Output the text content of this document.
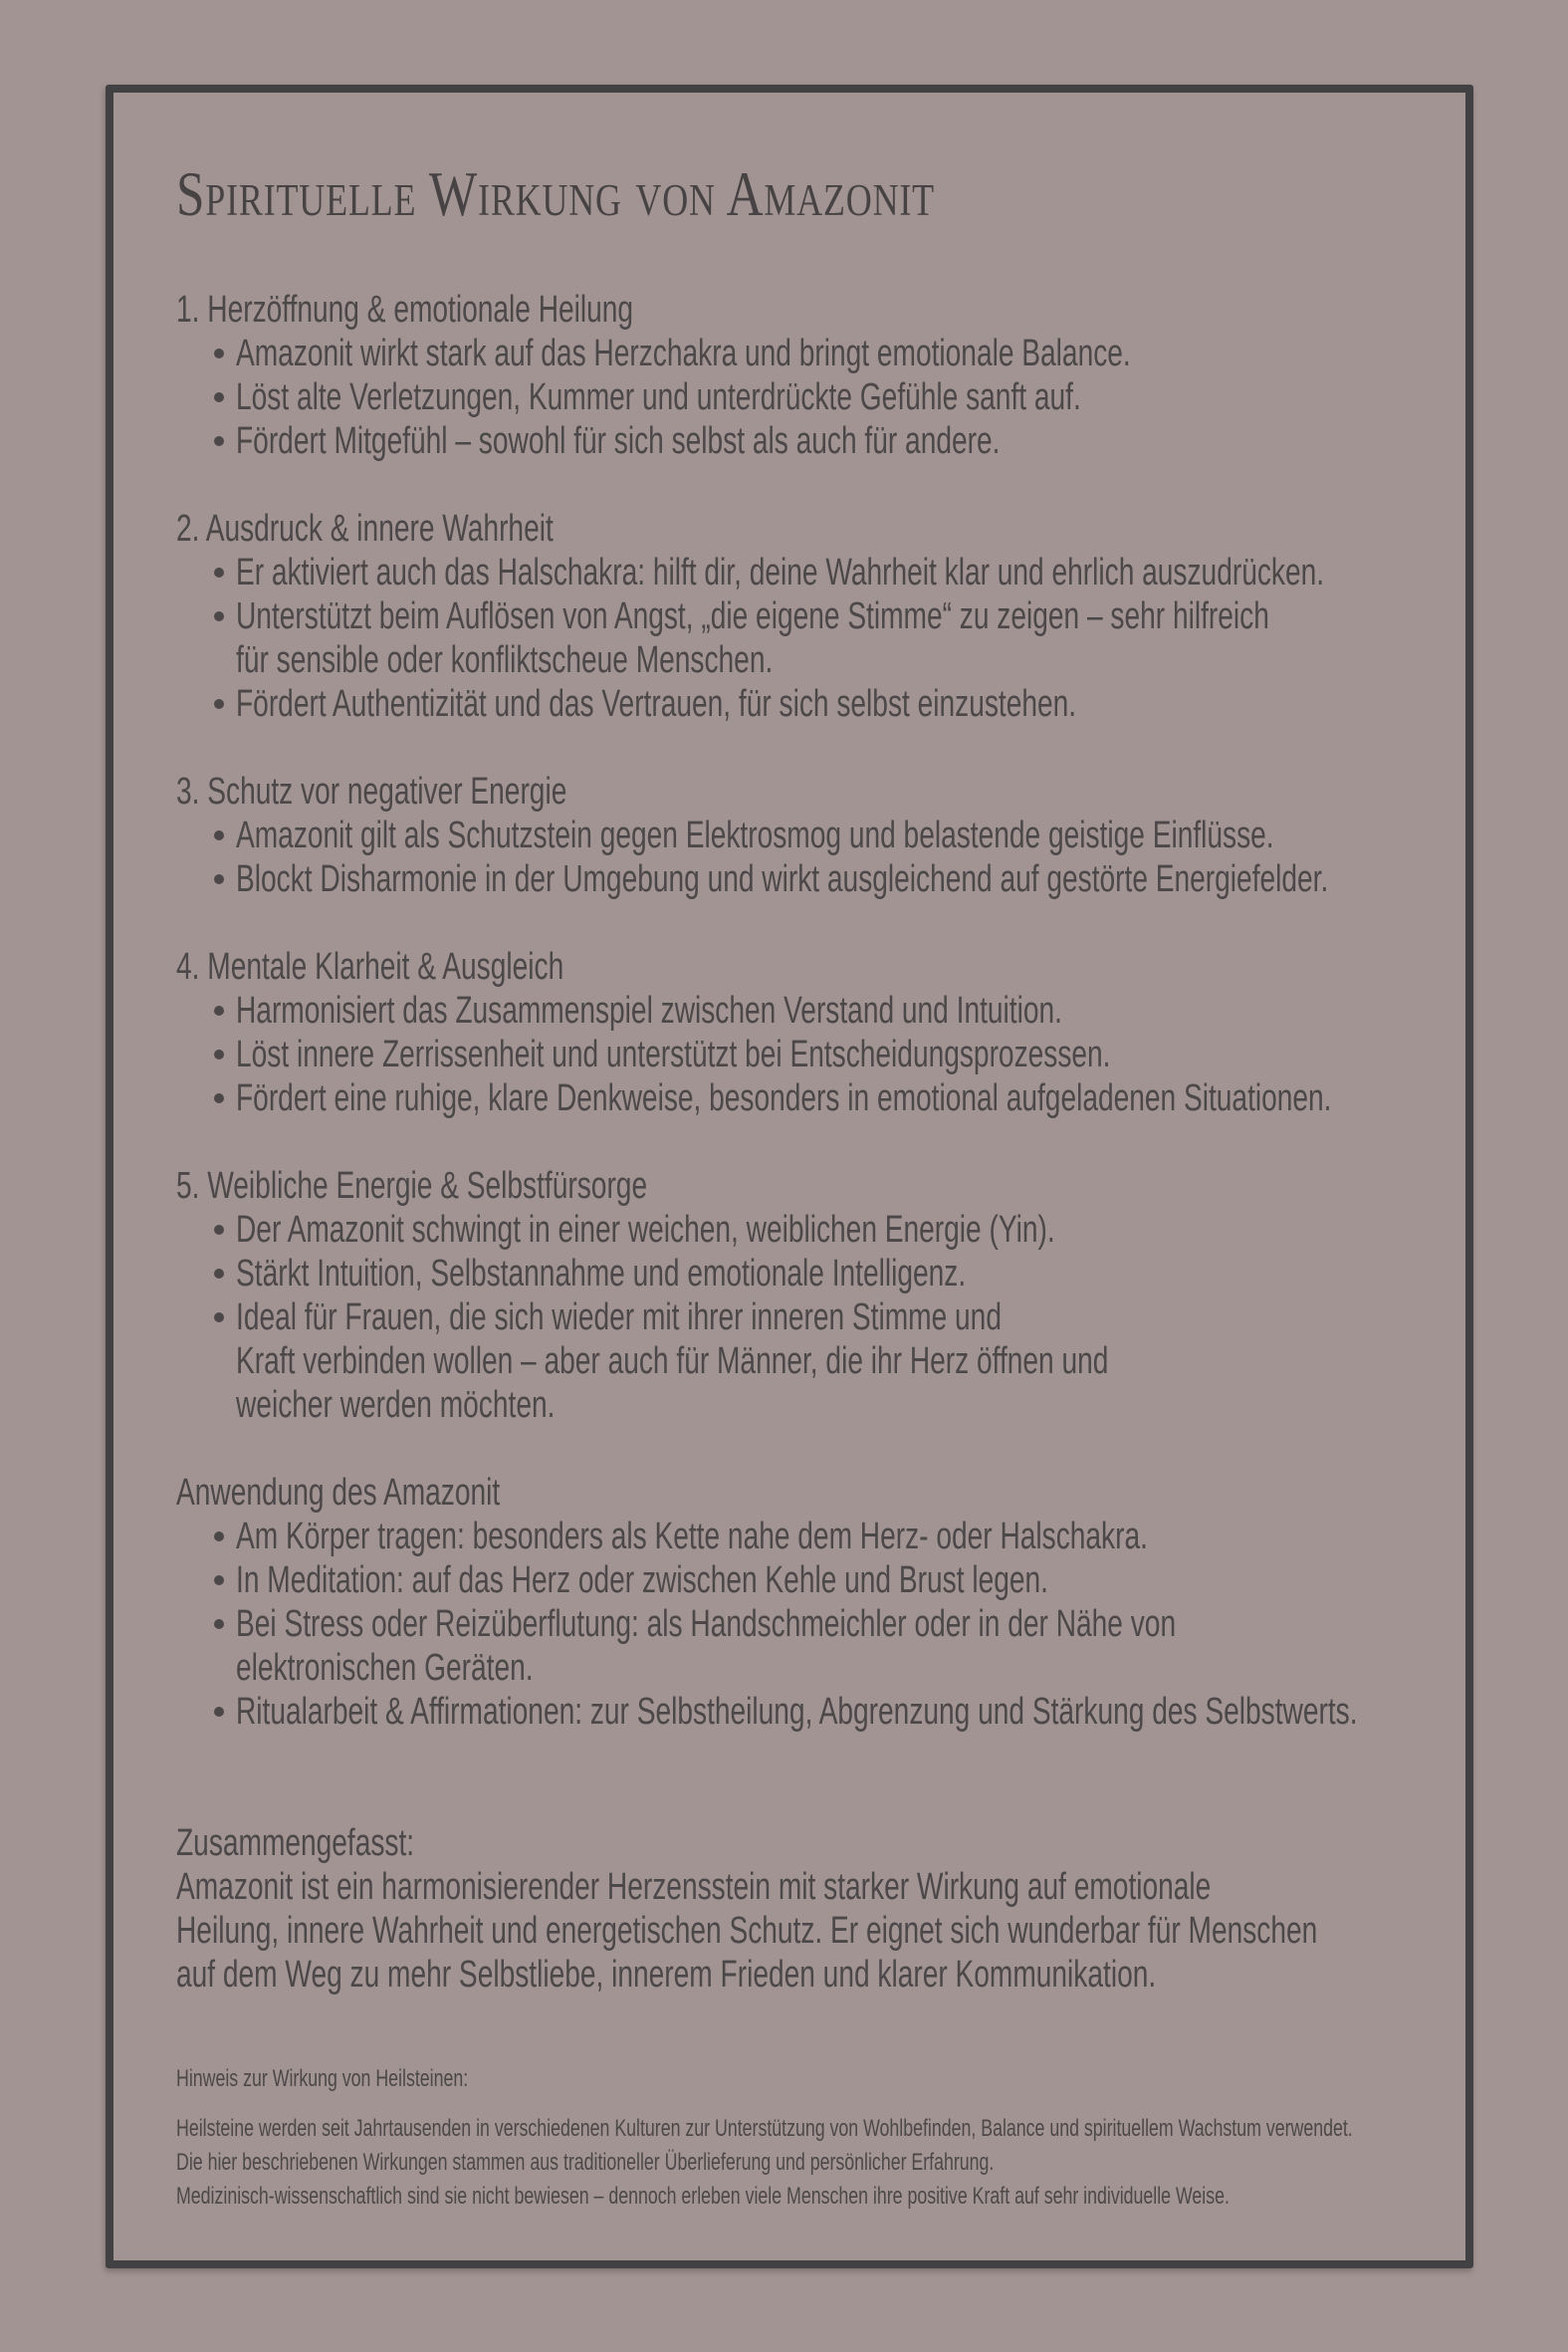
Spirituelle Wirkung von Amazonit
1. Herzöffnung & emotionale Heilung
Amazonit wirkt stark auf das Herzchakra und bringt emotionale Balance.
Löst alte Verletzungen, Kummer und unterdrückte Gefühle sanft auf.
Fördert Mitgefühl – sowohl für sich selbst als auch für andere.
2. Ausdruck & innere Wahrheit
Er aktiviert auch das Halschakra: hilft dir, deine Wahrheit klar und ehrlich auszudrücken.
Unterstützt beim Auflösen von Angst, „die eigene Stimme“ zu zeigen – sehr hilfreich
für sensible oder konfliktscheue Menschen.
Fördert Authentizität und das Vertrauen, für sich selbst einzustehen.
3. Schutz vor negativer Energie
Amazonit gilt als Schutzstein gegen Elektrosmog und belastende geistige Einflüsse.
Blockt Disharmonie in der Umgebung und wirkt ausgleichend auf gestörte Energiefelder.
4. Mentale Klarheit & Ausgleich
Harmonisiert das Zusammenspiel zwischen Verstand und Intuition.
Löst innere Zerrissenheit und unterstützt bei Entscheidungsprozessen.
Fördert eine ruhige, klare Denkweise, besonders in emotional aufgeladenen Situationen.
5. Weibliche Energie & Selbstfürsorge
Der Amazonit schwingt in einer weichen, weiblichen Energie (Yin).
Stärkt Intuition, Selbstannahme und emotionale Intelligenz.
Ideal für Frauen, die sich wieder mit ihrer inneren Stimme und
Kraft verbinden wollen – aber auch für Männer, die ihr Herz öffnen und
weicher werden möchten.
Anwendung des Amazonit
Am Körper tragen: besonders als Kette nahe dem Herz- oder Halschakra.
In Meditation: auf das Herz oder zwischen Kehle und Brust legen.
Bei Stress oder Reizüberflutung: als Handschmeichler oder in der Nähe von
elektronischen Geräten.
Ritualarbeit & Affirmationen: zur Selbstheilung, Abgrenzung und Stärkung des Selbstwerts.
Zusammengefasst:
Amazonit ist ein harmonisierender Herzensstein mit starker Wirkung auf emotionale
Heilung, innere Wahrheit und energetischen Schutz. Er eignet sich wunderbar für Menschen
auf dem Weg zu mehr Selbstliebe, innerem Frieden und klarer Kommunikation.
Hinweis zur Wirkung von Heilsteinen:
Heilsteine werden seit Jahrtausenden in verschiedenen Kulturen zur Unterstützung von Wohlbefinden, Balance und spirituellem Wachstum verwendet.
Die hier beschriebenen Wirkungen stammen aus traditioneller Überlieferung und persönlicher Erfahrung.
Medizinisch-wissenschaftlich sind sie nicht bewiesen – dennoch erleben viele Menschen ihre positive Kraft auf sehr individuelle Weise.
